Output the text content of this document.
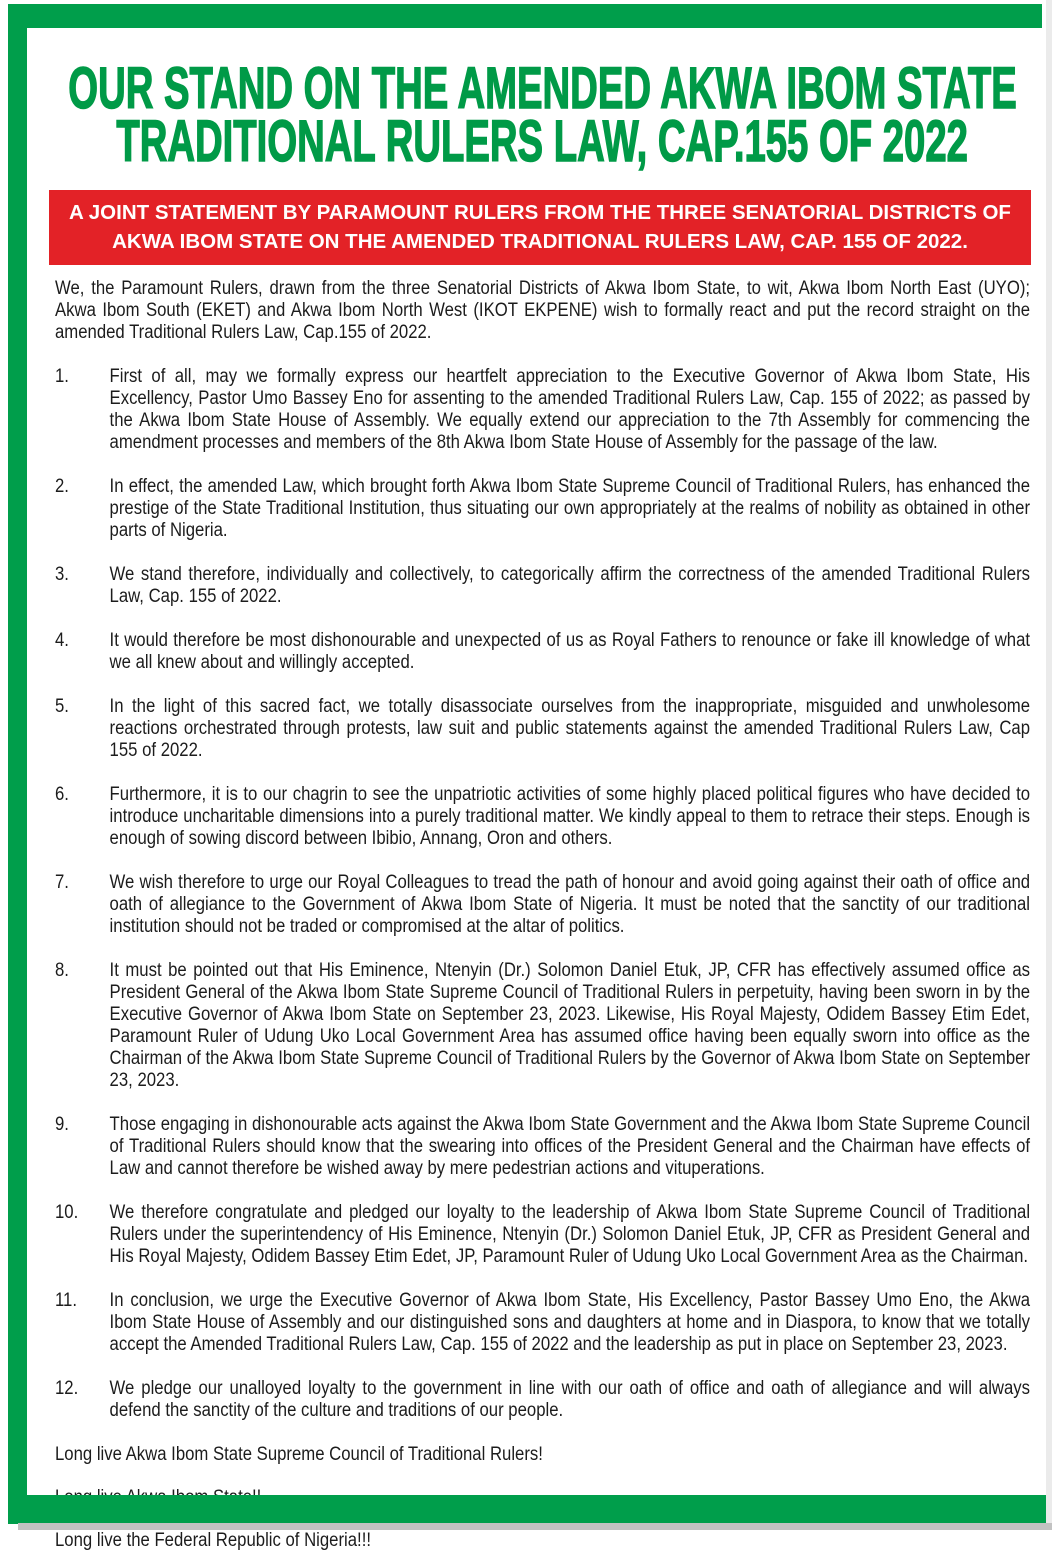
OUR STAND ON THE AMENDED AKWA IBOM STATE
TRADITIONAL RULERS LAW, CAP.155 OF 2022
A JOINT STATEMENT BY PARAMOUNT RULERS FROM THE THREE SENATORIAL DISTRICTS OF AKWA IBOM STATE ON THE AMENDED TRADITIONAL RULERS LAW, CAP. 155 OF 2022.

We, the Paramount Rulers, drawn from the three Senatorial Districts of Akwa Ibom State, to wit, Akwa Ibom North East (UYO); Akwa Ibom South (EKET) and Akwa Ibom North West (IKOT EKPENE) wish to formally react and put the record straight on the amended Traditional Rulers Law, Cap.155 of 2022.

1.	First of all, may we formally express our heartfelt appreciation to the Executive Governor of Akwa Ibom State, His Excellency, Pastor Umo Bassey Eno for assenting to the amended Traditional Rulers Law, Cap. 155 of 2022; as passed by the Akwa Ibom State House of Assembly. We equally extend our appreciation to the 7th Assembly for commencing the amendment processes and members of the 8th Akwa Ibom State House of Assembly for the passage of the law.
2.	In effect, the amended Law, which brought forth Akwa Ibom State Supreme Council of Traditional Rulers, has enhanced the prestige of the State Traditional Institution, thus situating our own appropriately at the realms of nobility as obtained in other parts of Nigeria.
3.	We stand therefore, individually and collectively, to categorically affirm the correctness of the amended Traditional Rulers Law, Cap. 155 of 2022.
4.	It would therefore be most dishonourable and unexpected of us as Royal Fathers to renounce or fake ill knowledge of what we all knew about and willingly accepted.
5.	In the light of this sacred fact, we totally disassociate ourselves from the inappropriate, misguided and unwholesome reactions orchestrated through protests, law suit and public statements against the amended Traditional Rulers Law, Cap 155 of 2022.
6.	Furthermore, it is to our chagrin to see the unpatriotic activities of some highly placed political figures who have decided to introduce uncharitable dimensions into a purely traditional matter. We kindly appeal to them to retrace their steps. Enough is enough of sowing discord between Ibibio, Annang, Oron and others.
7.	We wish therefore to urge our Royal Colleagues to tread the path of honour and avoid going against their oath of office and oath of allegiance to the Government of Akwa Ibom State of Nigeria. It must be noted that the sanctity of our traditional institution should not be traded or compromised at the altar of politics.
8.	It must be pointed out that His Eminence, Ntenyin (Dr.) Solomon Daniel Etuk, JP, CFR has effectively assumed office as President General of the Akwa Ibom State Supreme Council of Traditional Rulers in perpetuity, having been sworn in by the Executive Governor of Akwa Ibom State on September 23, 2023. Likewise, His Royal Majesty, Odidem Bassey Etim Edet, Paramount Ruler of Udung Uko Local Government Area has assumed office having been equally sworn into office as the Chairman of the Akwa Ibom State Supreme Council of Traditional Rulers by the Governor of Akwa Ibom State on September 23, 2023.
9.	Those engaging in dishonourable acts against the Akwa Ibom State Government and the Akwa Ibom State Supreme Council of Traditional Rulers should know that the swearing into offices of the President General and the Chairman have effects of Law and cannot therefore be wished away by mere pedestrian actions and vituperations.
10.	We therefore congratulate and pledged our loyalty to the leadership of Akwa Ibom State Supreme Council of Traditional Rulers under the superintendency of His Eminence, Ntenyin (Dr.) Solomon Daniel Etuk, JP, CFR as President General and His Royal Majesty, Odidem Bassey Etim Edet, JP, Paramount Ruler of Udung Uko Local Government Area as the Chairman.
11.	In conclusion, we urge the Executive Governor of Akwa Ibom State, His Excellency, Pastor Bassey Umo Eno, the Akwa Ibom State House of Assembly and our distinguished sons and daughters at home and in Diaspora, to know that we totally accept the Amended Traditional Rulers Law, Cap. 155 of 2022 and the leadership as put in place on September 23, 2023.
12.	We pledge our unalloyed loyalty to the government in line with our oath of office and oath of allegiance and will always defend the sanctity of the culture and traditions of our people.

Long live Akwa Ibom State Supreme Council of Traditional Rulers!

Long live the Federal Republic of Nigeria!!!
